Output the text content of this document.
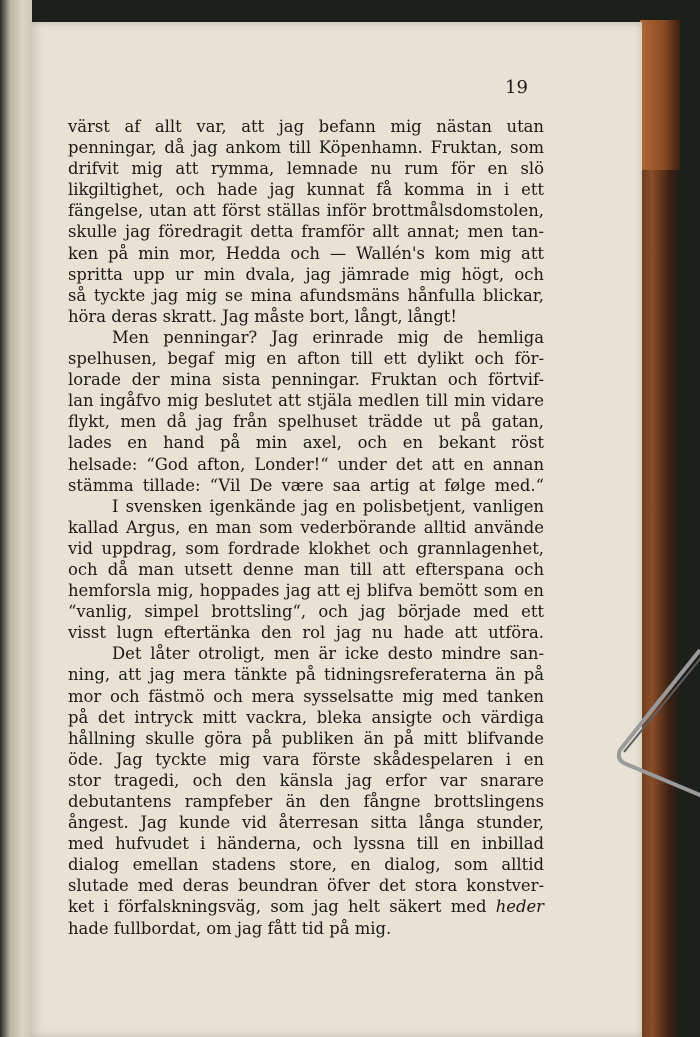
19
värst af allt var, att jag befann mig nästan utan
penningar, då jag ankom till Köpenhamn. Fruktan, som
drifvit mig att rymma, lemnade nu rum för en slö
likgiltighet, och hade jag kunnat få komma in i ett
fängelse, utan att först ställas inför brottmålsdomstolen,
skulle jag föredragit detta framför allt annat; men tan-
ken på min mor, Hedda och — Wallén's kom mig att
spritta upp ur min dvala, jag jämrade mig högt, och
så tyckte jag mig se mina afundsmäns hånfulla blickar,
höra deras skratt. Jag måste bort, långt, långt!
Men penningar? Jag erinrade mig de hemliga
spelhusen, begaf mig en afton till ett dylikt och för-
lorade der mina sista penningar. Fruktan och förtvif-
lan ingåfvo mig beslutet att stjäla medlen till min vidare
flykt, men då jag från spelhuset trädde ut på gatan,
lades en hand på min axel, och en bekant röst
helsade: “God afton, Londer!“ under det att en annan
stämma tillade: “Vil De være saa artig at følge med.“
I svensken igenkände jag en polisbetjent, vanligen
kallad Argus, en man som vederbörande alltid använde
vid uppdrag, som fordrade klokhet och grannlagenhet,
och då man utsett denne man till att efterspana och
hemforsla mig, hoppades jag att ej blifva bemött som en
“vanlig, simpel brottsling“, och jag började med ett
visst lugn eftertänka den rol jag nu hade att utföra.
Det låter otroligt, men är icke desto mindre san-
ning, att jag mera tänkte på tidningsreferaterna än på
mor och fästmö och mera sysselsatte mig med tanken
på det intryck mitt vackra, bleka ansigte och värdiga
hållning skulle göra på publiken än på mitt blifvande
öde. Jag tyckte mig vara förste skådespelaren i en
stor tragedi, och den känsla jag erfor var snarare
debutantens rampfeber än den fångne brottslingens
ångest. Jag kunde vid återresan sitta långa stunder,
med hufvudet i händerna, och lyssna till en inbillad
dialog emellan stadens store, en dialog, som alltid
slutade med deras beundran öfver det stora konstver-
ket i förfalskningsväg, som jag helt säkert med heder
hade fullbordat, om jag fått tid på mig.
